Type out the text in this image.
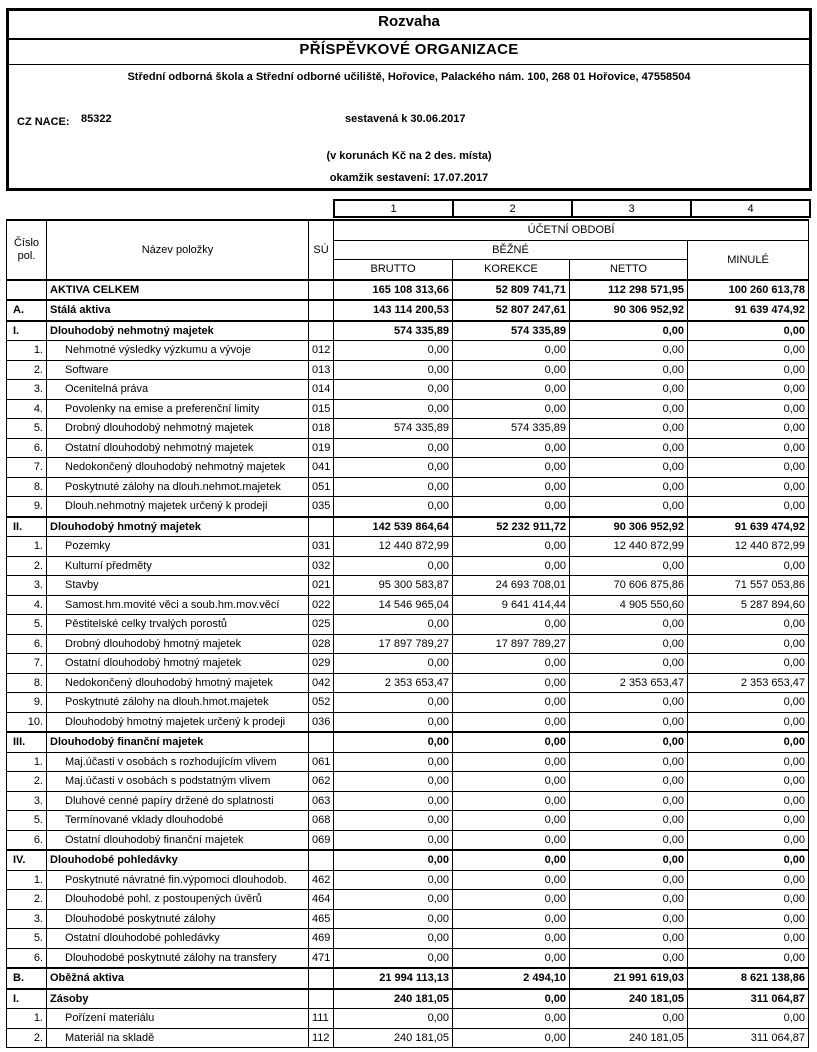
Rozvaha
PŘÍSPĚVKOVÉ ORGANIZACE
Střední odborná škola a Střední odborné učiliště, Hořovice, Palackého nám. 100, 268 01 Hořovice, 47558504
CZ NACE: 85322	sestavená k 30.06.2017
(v korunách Kč na 2 des. místa)
okamžik sestavení: 17.07.2017
1	2	3	4
Číslo pol.	Název položky	SÚ	ÚČETNÍ OBDOBÍ			
			BĚŽNÉ			MINULÉ
			BRUTTO	KOREKCE	NETTO	
	AKTIVA CELKEM		165 108 313,66	52 809 741,71	112 298 571,95	100 260 613,78
A.	Stálá aktiva		143 114 200,53	52 807 247,61	90 306 952,92	91 639 474,92
I.	Dlouhodobý nehmotný majetek		574 335,89	574 335,89	0,00	0,00
1.	Nehmotné výsledky výzkumu a vývoje	012	0,00	0,00	0,00	0,00
2.	Software	013	0,00	0,00	0,00	0,00
3.	Ocenitelná práva	014	0,00	0,00	0,00	0,00
4.	Povolenky na emise a preferenční limity	015	0,00	0,00	0,00	0,00
5.	Drobný dlouhodobý nehmotný majetek	018	574 335,89	574 335,89	0,00	0,00
6.	Ostatní dlouhodobý nehmotný majetek	019	0,00	0,00	0,00	0,00
7.	Nedokončený dlouhodobý nehmotný majetek	041	0,00	0,00	0,00	0,00
8.	Poskytnuté zálohy na dlouh.nehmot.majetek	051	0,00	0,00	0,00	0,00
9.	Dlouh.nehmotný majetek určený k prodeji	035	0,00	0,00	0,00	0,00
II.	Dlouhodobý hmotný majetek		142 539 864,64	52 232 911,72	90 306 952,92	91 639 474,92
1.	Pozemky	031	12 440 872,99	0,00	12 440 872,99	12 440 872,99
2.	Kulturní předměty	032	0,00	0,00	0,00	0,00
3.	Stavby	021	95 300 583,87	24 693 708,01	70 606 875,86	71 557 053,86
4.	Samost.hm.movité věci a soub.hm.mov.věcí	022	14 546 965,04	9 641 414,44	4 905 550,60	5 287 894,60
5.	Pěstitelské celky trvalých porostů	025	0,00	0,00	0,00	0,00
6.	Drobný dlouhodobý hmotný majetek	028	17 897 789,27	17 897 789,27	0,00	0,00
7.	Ostatní dlouhodobý hmotný majetek	029	0,00	0,00	0,00	0,00
8.	Nedokončený dlouhodobý hmotný majetek	042	2 353 653,47	0,00	2 353 653,47	2 353 653,47
9.	Poskytnuté zálohy na dlouh.hmot.majetek	052	0,00	0,00	0,00	0,00
10.	Dlouhodobý hmotný majetek určený k prodeji	036	0,00	0,00	0,00	0,00
III.	Dlouhodobý finanční majetek		0,00	0,00	0,00	0,00
1.	Maj.účasti v osobách s rozhodujícím vlivem	061	0,00	0,00	0,00	0,00
2.	Maj.účasti v osobách s podstatným vlivem	062	0,00	0,00	0,00	0,00
3.	Dluhové cenné papíry držené do splatnosti	063	0,00	0,00	0,00	0,00
5.	Termínované vklady dlouhodobé	068	0,00	0,00	0,00	0,00
6.	Ostatní dlouhodobý finanční majetek	069	0,00	0,00	0,00	0,00
IV.	Dlouhodobé pohledávky		0,00	0,00	0,00	0,00
1.	Poskytnuté návratné fin.výpomoci dlouhodob.	462	0,00	0,00	0,00	0,00
2.	Dlouhodobé pohl. z postoupených úvěrů	464	0,00	0,00	0,00	0,00
3.	Dlouhodobé poskytnuté zálohy	465	0,00	0,00	0,00	0,00
5.	Ostatní dlouhodobé pohledávky	469	0,00	0,00	0,00	0,00
6.	Dlouhodobé poskytnuté zálohy na transfery	471	0,00	0,00	0,00	0,00
B.	Oběžná aktiva		21 994 113,13	2 494,10	21 991 619,03	8 621 138,86
I.	Zásoby		240 181,05	0,00	240 181,05	311 064,87
1.	Pořízení materiálu	111	0,00	0,00	0,00	0,00
2.	Materiál na skladě	112	240 181,05	0,00	240 181,05	311 064,87
